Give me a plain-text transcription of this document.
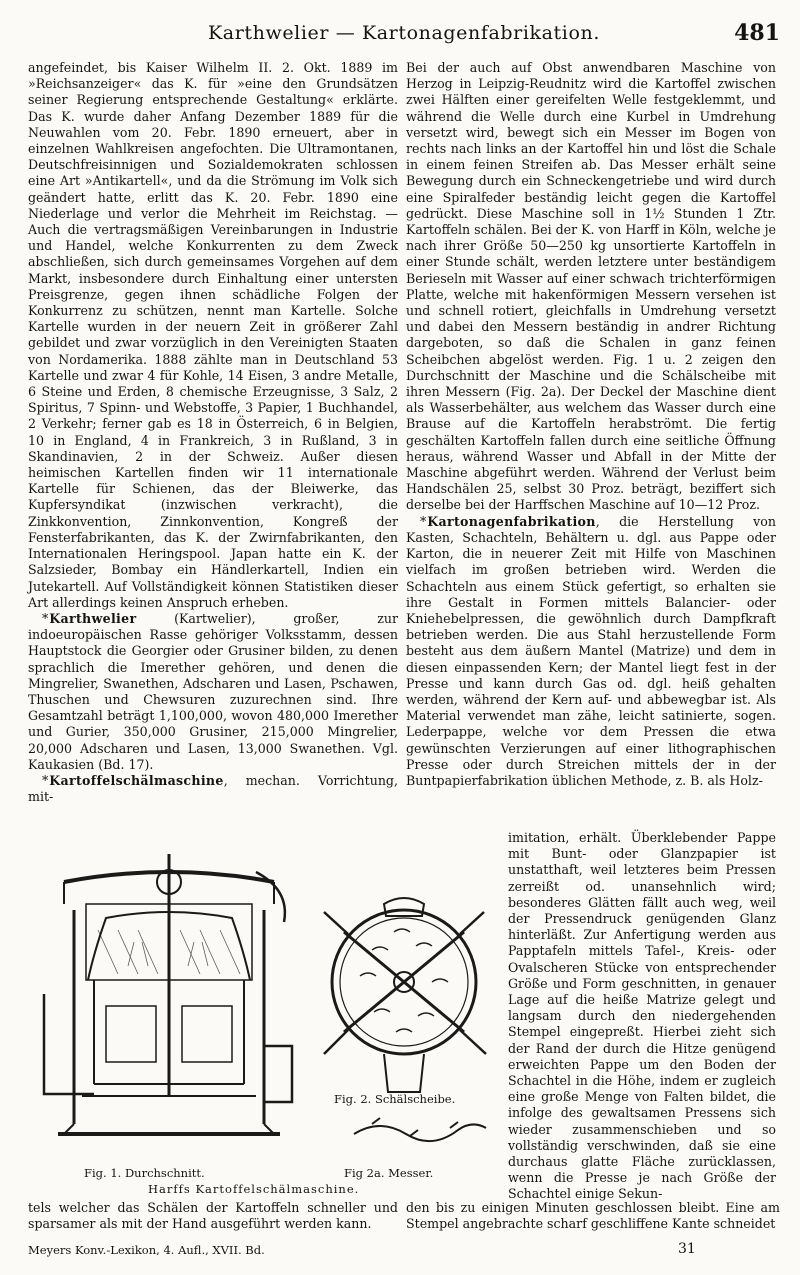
Karthwelier — Kartonagenfabrikation.	481

angefeindet, bis Kaiser Wilhelm II. 2. Okt. 1889 im »Reichsanzeiger« das K. für »eine den Grundsätzen seiner Regierung entsprechende Gestaltung« erklärte. Das K. wurde daher Anfang Dezember 1889 für die Neuwahlen vom 20. Febr. 1890 erneuert, aber in einzelnen Wahlkreisen angefochten. Die Ultramontanen, Deutschfreisinnigen und Sozialdemokraten schlossen eine Art »Antikartell«, und da die Strömung im Volk sich geändert hatte, erlitt das K. 20. Febr. 1890 eine Niederlage und verlor die Mehrheit im Reichstag. — Auch die vertragsmäßigen Vereinbarungen in Industrie und Handel, welche Konkurrenten zu dem Zweck abschließen, sich durch gemeinsames Vorgehen auf dem Markt, insbesondere durch Einhaltung einer untersten Preisgrenze, gegen ihnen schädliche Folgen der Konkurrenz zu schützen, nennt man Kartelle. Solche Kartelle wurden in der neuern Zeit in größerer Zahl gebildet und zwar vorzüglich in den Vereinigten Staaten von Nordamerika. 1888 zählte man in Deutschland 53 Kartelle und zwar 4 für Kohle, 14 Eisen, 3 andre Metalle, 6 Steine und Erden, 8 chemische Erzeugnisse, 3 Salz, 2 Spiritus, 7 Spinn- und Webstoffe, 3 Papier, 1 Buchhandel, 2 Verkehr; ferner gab es 18 in Österreich, 6 in Belgien, 10 in England, 4 in Frankreich, 3 in Rußland, 3 in Skandinavien, 2 in der Schweiz. Außer diesen heimischen Kartellen finden wir 11 internationale Kartelle für Schienen, das der Bleiwerke, das Kupfersyndikat (inzwischen verkracht), die Zinkkonvention, Zinnkonvention, Kongreß der Fensterfabrikanten, das K. der Zwirnfabrikanten, den Internationalen Heringspool. Japan hatte ein K. der Salzsieder, Bombay ein Händlerkartell, Indien ein Jutekartell. Auf Vollständigkeit können Statistiken dieser Art allerdings keinen Anspruch erheben.

*Karthwelier (Kartwelier), großer, zur indoeuropäischen Rasse gehöriger Volksstamm, dessen Hauptstock die Georgier oder Grusiner bilden, zu denen sprachlich die Imerether gehören, und denen die Mingrelier, Swanethen, Adscharen und Lasen, Pschawen, Thuschen und Chewsuren zuzurechnen sind. Ihre Gesamtzahl beträgt 1,100,000, wovon 480,000 Imerether und Gurier, 350,000 Grusiner, 215,000 Mingrelier, 20,000 Adscharen und Lasen, 13,000 Swanethen. Vgl. Kaukasien (Bd. 17).

*Kartoffelschälmaschine, mechan. Vorrichtung, mit-

Bei der auch auf Obst anwendbaren Maschine von Herzog in Leipzig-Reudnitz wird die Kartoffel zwischen zwei Hälften einer gereifelten Welle festgeklemmt, und während die Welle durch eine Kurbel in Umdrehung versetzt wird, bewegt sich ein Messer im Bogen von rechts nach links an der Kartoffel hin und löst die Schale in einem feinen Streifen ab. Das Messer erhält seine Bewegung durch ein Schneckengetriebe und wird durch eine Spiralfeder beständig leicht gegen die Kartoffel gedrückt. Diese Maschine soll in 1½ Stunden 1 Ztr. Kartoffeln schälen. Bei der K. von Harff in Köln, welche je nach ihrer Größe 50—250 kg unsortierte Kartoffeln in einer Stunde schält, werden letztere unter beständigem Berieseln mit Wasser auf einer schwach trichterförmigen Platte, welche mit hakenförmigen Messern versehen ist und schnell rotiert, gleichfalls in Umdrehung versetzt und dabei den Messern beständig in andrer Richtung dargeboten, so daß die Schalen in ganz feinen Scheibchen abgelöst werden. Fig. 1 u. 2 zeigen den Durchschnitt der Maschine und die Schälscheibe mit ihren Messern (Fig. 2a). Der Deckel der Maschine dient als Wasserbehälter, aus welchem das Wasser durch eine Brause auf die Kartoffeln herabströmt. Die fertig geschälten Kartoffeln fallen durch eine seitliche Öffnung heraus, während Wasser und Abfall in der Mitte der Maschine abgeführt werden. Während der Verlust beim Handschälen 25, selbst 30 Proz. beträgt, beziffert sich derselbe bei der Harffschen Maschine auf 10—12 Proz.

*Kartonagenfabrikation, die Herstellung von Kasten, Schachteln, Behältern u. dgl. aus Pappe oder Karton, die in neuerer Zeit mit Hilfe von Maschinen vielfach im großen betrieben wird. Werden die Schachteln aus einem Stück gefertigt, so erhalten sie ihre Gestalt in Formen mittels Balancier- oder Kniehebelpressen, die gewöhnlich durch Dampfkraft betrieben werden. Die aus Stahl herzustellende Form besteht aus dem äußern Mantel (Matrize) und dem in diesen einpassenden Kern; der Mantel liegt fest in der Presse und kann durch Gas od. dgl. heiß gehalten werden, während der Kern auf- und abbewegbar ist. Als Material verwendet man zähe, leicht satinierte, sogen. Lederpappe, welche vor dem Pressen die etwa gewünschten Verzierungen auf einer lithographischen Presse oder durch Streichen mittels der in der Buntpapierfabrikation üblichen Methode, z. B. als Holz-

imitation, erhält. Überklebender Pappe mit Bunt- oder Glanzpapier ist unstatthaft, weil letzteres beim Pressen zerreißt od. unansehnlich wird; besonderes Glätten fällt auch weg, weil der Pressendruck genügenden Glanz hinterläßt. Zur Anfertigung werden aus Papptafeln mittels Tafel-, Kreis- oder Ovalscheren Stücke von entsprechender Größe und Form geschnitten, in genauer Lage auf die heiße Matrize gelegt und langsam durch den niedergehenden Stempel eingepreßt. Hierbei zieht sich der Rand der durch die Hitze genügend erweichten Pappe um den Boden der Schachtel in die Höhe, indem er zugleich eine große Menge von Falten bildet, die infolge des gewaltsamen Pressens sich wieder zusammenschieben und so vollständig verschwinden, daß sie eine durchaus glatte Fläche zurücklassen, wenn die Presse je nach Größe der Schachtel einige Sekun-

Fig. 1. Durchschnitt.
Fig. 2. Schälscheibe.
Fig 2a. Messer.
Harffs Kartoffelschälmaschine.
tels welcher das Schälen der Kartoffeln schneller und sparsamer als mit der Hand ausgeführt werden kann.
den bis zu einigen Minuten geschlossen bleibt. Eine am Stempel angebrachte scharf geschliffene Kante schneidet
Meyers Konv.-Lexikon, 4. Aufl., XVII. Bd.	31
